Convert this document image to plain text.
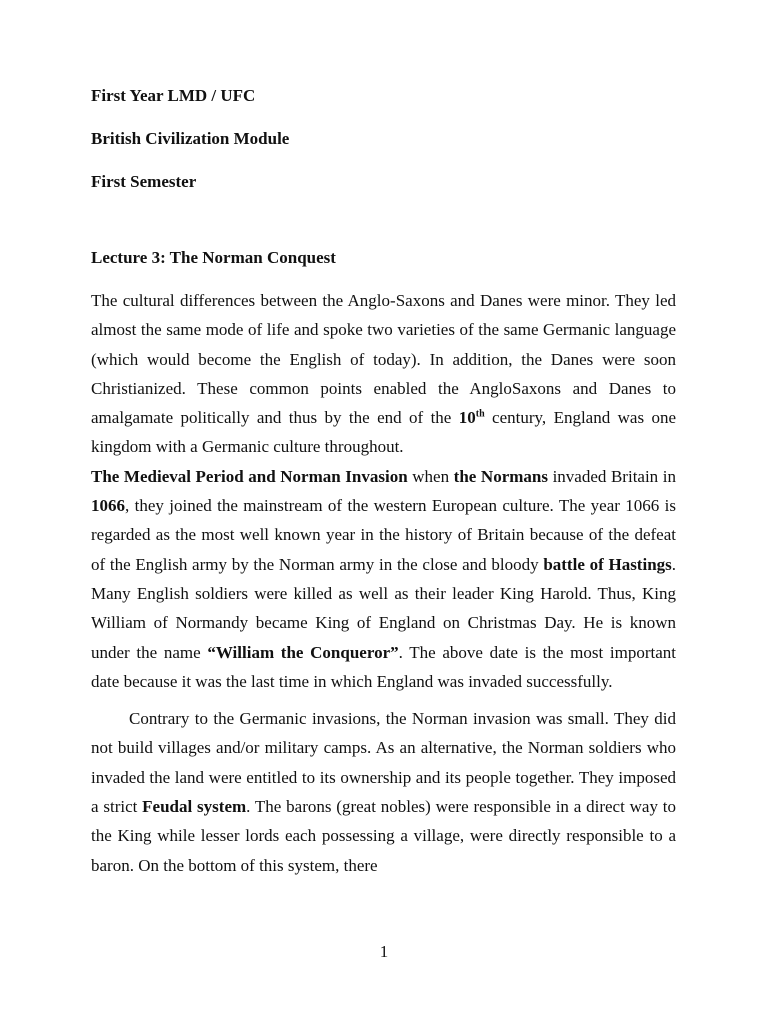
First Year LMD / UFC

British Civilization Module

First Semester

Lecture 3: The Norman Conquest

The cultural differences between the Anglo-Saxons and Danes were minor. They led almost the same mode of life and spoke two varieties of the same Germanic language (which would become the English of today). In addition, the Danes were soon Christianized. These common points enabled the AngloSaxons and Danes to amalgamate politically and thus by the end of the 10th century, England was one kingdom with a Germanic culture throughout.

The Medieval Period and Norman Invasion when the Normans invaded Britain in 1066, they joined the mainstream of the western European culture. The year 1066 is regarded as the most well known year in the history of Britain because of the defeat of the English army by the Norman army in the close and bloody battle of Hastings. Many English soldiers were killed as well as their leader King Harold. Thus, King William of Normandy became King of England on Christmas Day. He is known under the name “William the Conqueror”. The above date is the most important date because it was the last time in which England was invaded successfully.

Contrary to the Germanic invasions, the Norman invasion was small. They did not build villages and/or military camps. As an alternative, the Norman soldiers who invaded the land were entitled to its ownership and its people together. They imposed a strict Feudal system. The barons (great nobles) were responsible in a direct way to the King while lesser lords each possessing a village, were directly responsible to a baron. On the bottom of this system, there

1
